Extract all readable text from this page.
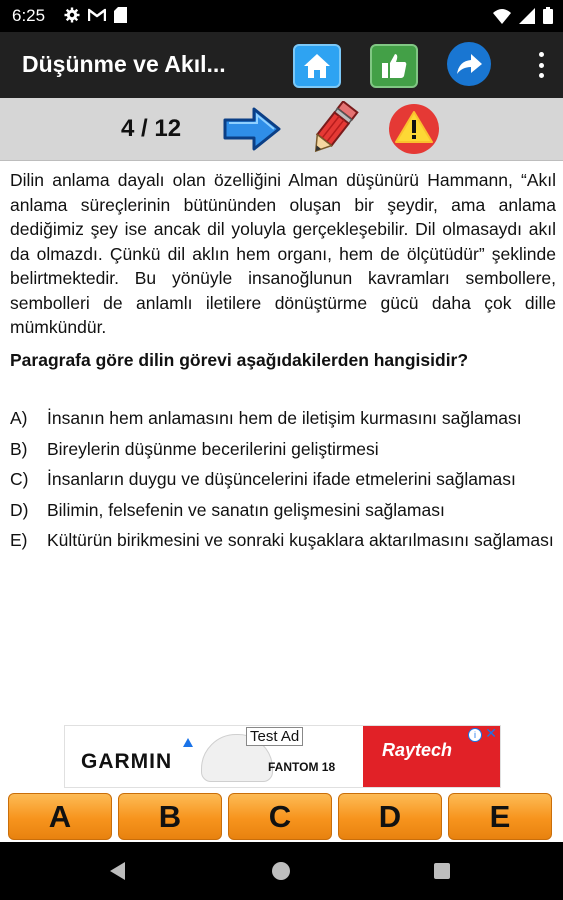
6:25
Düşünme ve Akıl...
4 / 12

Dilin anlama dayalı olan özelliğini Alman düşünürü Hammann, “Akıl anlama süreçlerinin bütününden oluşan bir şeydir, ama anlama dediğimiz şey ise ancak dil yoluyla gerçekleşebilir. Dil olmasaydı akıl da olmazdı. Çünkü dil aklın hem organı, hem de ölçütüdür” şeklinde belirtmektedir. Bu yönüyle insanoğlunun kavramları sembollere, sembolleri de anlamlı iletilere dönüştürme gücü daha çok dille mümkündür.

Paragrafa göre dilin görevi aşağıdakilerden hangisidir?

A)	İnsanın hem anlamasını hem de iletişim kurmasını sağlaması
B)	Bireylerin düşünme becerilerini geliştirmesi
C)	İnsanların duygu ve düşüncelerini ifade etmelerini sağlaması
D)	Bilimin, felsefenin ve sanatın gelişmesini sağlaması
E)	Kültürün birikmesini ve sonraki kuşaklara aktarılmasını sağlaması
GARMIN
Test Ad
FANTOM 18
Raytech
i ✕
A	B	C	D	E
